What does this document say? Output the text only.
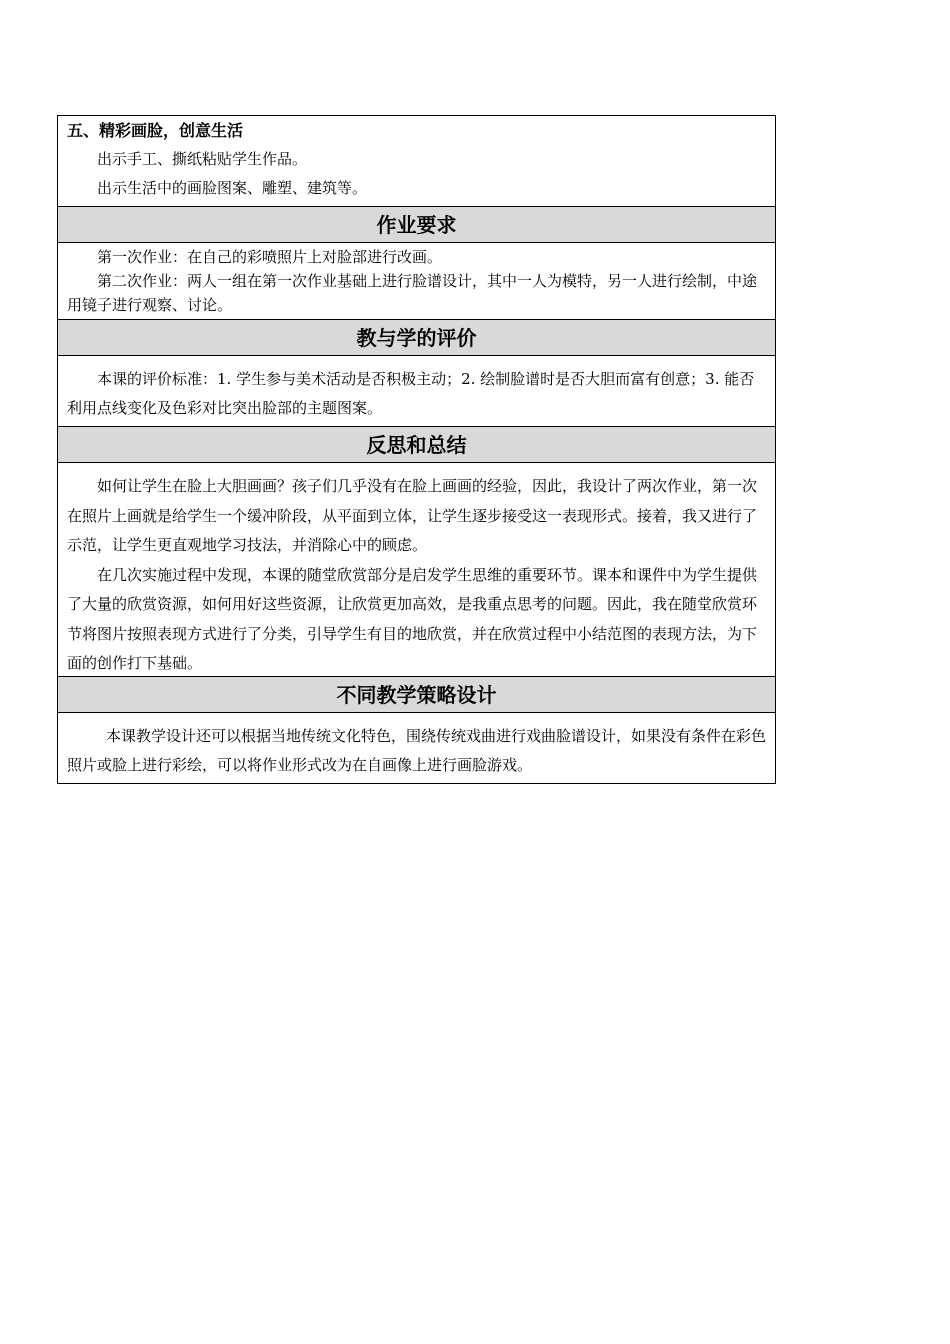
五、精彩画脸，创意生活

出示手工、撕纸粘贴学生作品。

出示生活中的画脸图案、雕塑、建筑等。

作业要求

第一次作业：在自己的彩喷照片上对脸部进行改画。

第二次作业：两人一组在第一次作业基础上进行脸谱设计，其中一人为模特，另一人进行绘制，中途用镜子进行观察、讨论。

教与学的评价

本课的评价标准：1. 学生参与美术活动是否积极主动；2. 绘制脸谱时是否大胆而富有创意；3. 能否利用点线变化及色彩对比突出脸部的主题图案。

反思和总结

如何让学生在脸上大胆画画？孩子们几乎没有在脸上画画的经验，因此，我设计了两次作业，第一次在照片上画就是给学生一个缓冲阶段，从平面到立体，让学生逐步接受这一表现形式。接着，我又进行了示范，让学生更直观地学习技法，并消除心中的顾虑。

在几次实施过程中发现，本课的随堂欣赏部分是启发学生思维的重要环节。课本和课件中为学生提供了大量的欣赏资源，如何用好这些资源，让欣赏更加高效，是我重点思考的问题。因此，我在随堂欣赏环节将图片按照表现方式进行了分类，引导学生有目的地欣赏，并在欣赏过程中小结范图的表现方法，为下面的创作打下基础。

不同教学策略设计

本课教学设计还可以根据当地传统文化特色，围绕传统戏曲进行戏曲脸谱设计，如果没有条件在彩色照片或脸上进行彩绘，可以将作业形式改为在自画像上进行画脸游戏。
